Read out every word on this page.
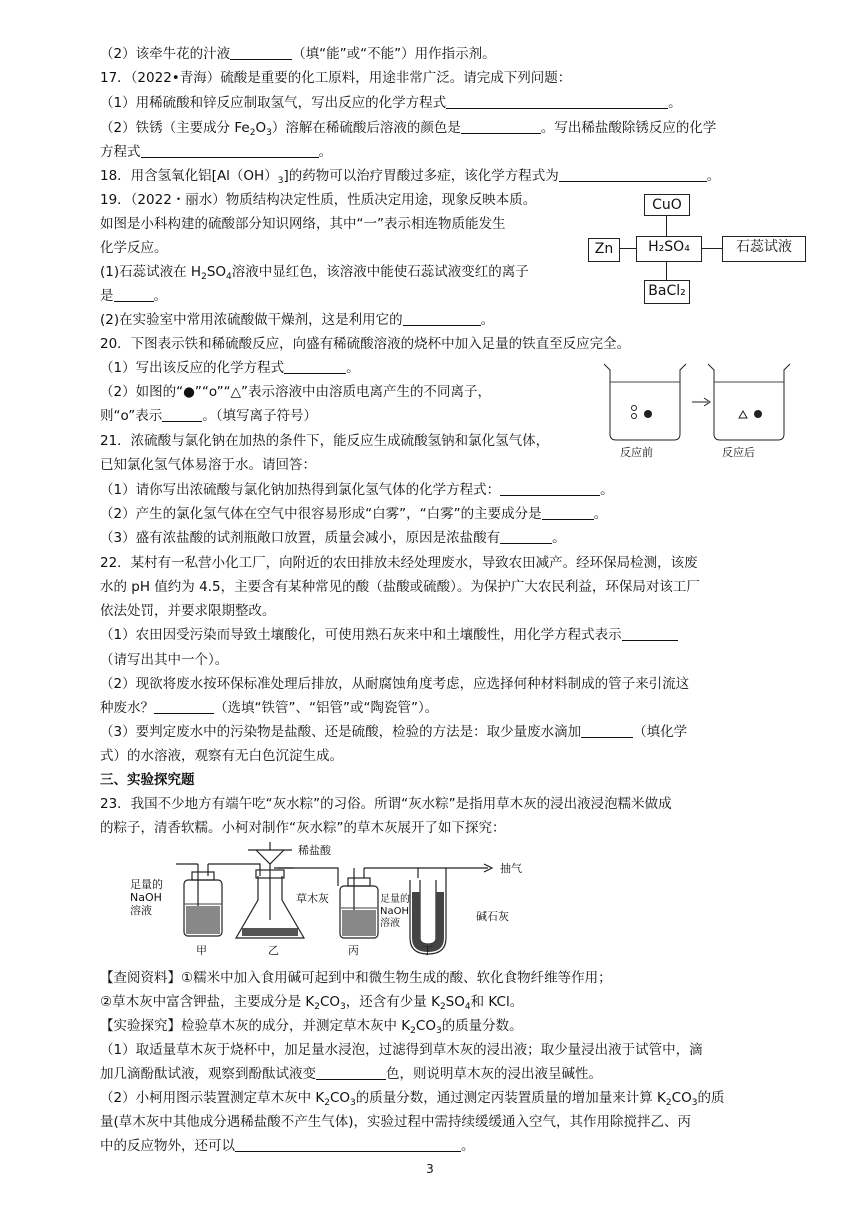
（2）该牵牛花的汁液	（填“能”或“不能”）用作指示剂。
17．（2022•青海）硫酸是重要的化工原料，用途非常广泛。请完成下列问题：
（1）用稀硫酸和锌反应制取氢气，写出反应的化学方程式	。
（2）铁锈（主要成分 $Fe_2O_3$）溶解在稀硫酸后溶液的颜色是	。写出稀盐酸除锈反应的化学
方程式	。
18．用含氢氧化铝$[Al(OH)_3]$的药物可以治疗胃酸过多症，该化学方程式为	。
19．（2022・丽水）物质结构决定性质，性质决定用途，现象反映本质。
如图是小科构建的硫酸部分知识网络，其中“一”表示相连物质能发生
化学反应。
(1)石蕊试液在 $H_2SO_4$溶液中显红色，该溶液中能使石蕊试液变红的离子
是	。
(2)在实验室中常用浓硫酸做干燥剂，这是利用它的	。
CuO
Zn	H₂SO₄	石蕊试液
BaCl₂
20．下图表示铁和稀硫酸反应，向盛有稀硫酸溶液的烧杯中加入足量的铁直至反应完全。
（1）写出该反应的化学方程式	。
（2）如图的“●”“o”“△”表示溶液中由溶质电离产生的不同离子，
则“o”表示	。（填写离子符号）
反应前	反应后
21．浓硫酸与氯化钠在加热的条件下，能反应生成硫酸氢钠和氯化氢气体，
已知氯化氢气体易溶于水。请回答：
（1）请你写出浓硫酸与氯化钠加热得到氯化氢气体的化学方程式：	。
（2）产生的氯化氢气体在空气中很容易形成“白雾”，“白雾”的主要成分是	。
（3）盛有浓盐酸的试剂瓶敞口放置，质量会减小，原因是浓盐酸有	。
22．某村有一私营小化工厂，向附近的农田排放未经处理废水，导致农田减产。经环保局检测，该废
水的 pH 值约为 4.5，主要含有某种常见的酸（盐酸或硫酸）。为保护广大农民利益，环保局对该工厂
依法处罚，并要求限期整改。
（1）农田因受污染而导致土壤酸化，可使用熟石灰来中和土壤酸性，用化学方程式表示
（请写出其中一个）。
（2）现欲将废水按环保标准处理后排放，从耐腐蚀角度考虑，应选择何种材料制成的管子来引流这
种废水？	（选填“铁管”、“铝管”或“陶瓷管”）。
（3）要判定废水中的污染物是盐酸、还是硫酸，检验的方法是：取少量废水滴加	（填化学
式）的水溶液，观察有无白色沉淀生成。
三、实验探究题
23．我国不少地方有端午吃“灰水粽”的习俗。所谓“灰水粽”是指用草木灰的浸出液浸泡糯米做成
的粽子，清香软糯。小柯对制作“灰水粽”的草木灰展开了如下探究：
稀盐酸
抽气
足量的
NaOH
溶液
草木灰	足量的
NaOH
溶液
碱石灰
甲	乙	丙	丁
【查阅资料】①糯米中加入食用碱可起到中和微生物生成的酸、软化食物纤维等作用；
②草木灰中富含钾盐，主要成分是 $K_2CO_3$，还含有少量 $K_2SO_4$和 KCl。
【实验探究】检验草木灰的成分，并测定草木灰中 $K_2CO_3$的质量分数。
（1）取适量草木灰于烧杯中，加足量水浸泡，过滤得到草木灰的浸出液；取少量浸出液于试管中，滴
加几滴酚酞试液，观察到酚酞试液变	色，则说明草木灰的浸出液呈碱性。
（2）小柯用图示装置测定草木灰中 $K_2CO_3$的质量分数，通过测定丙装置质量的增加量来计算 $K_2CO_3$的质
量(草木灰中其他成分遇稀盐酸不产生气体)，实验过程中需持续缓缓通入空气，其作用除搅拌乙、丙
中的反应物外，还可以	。
3
